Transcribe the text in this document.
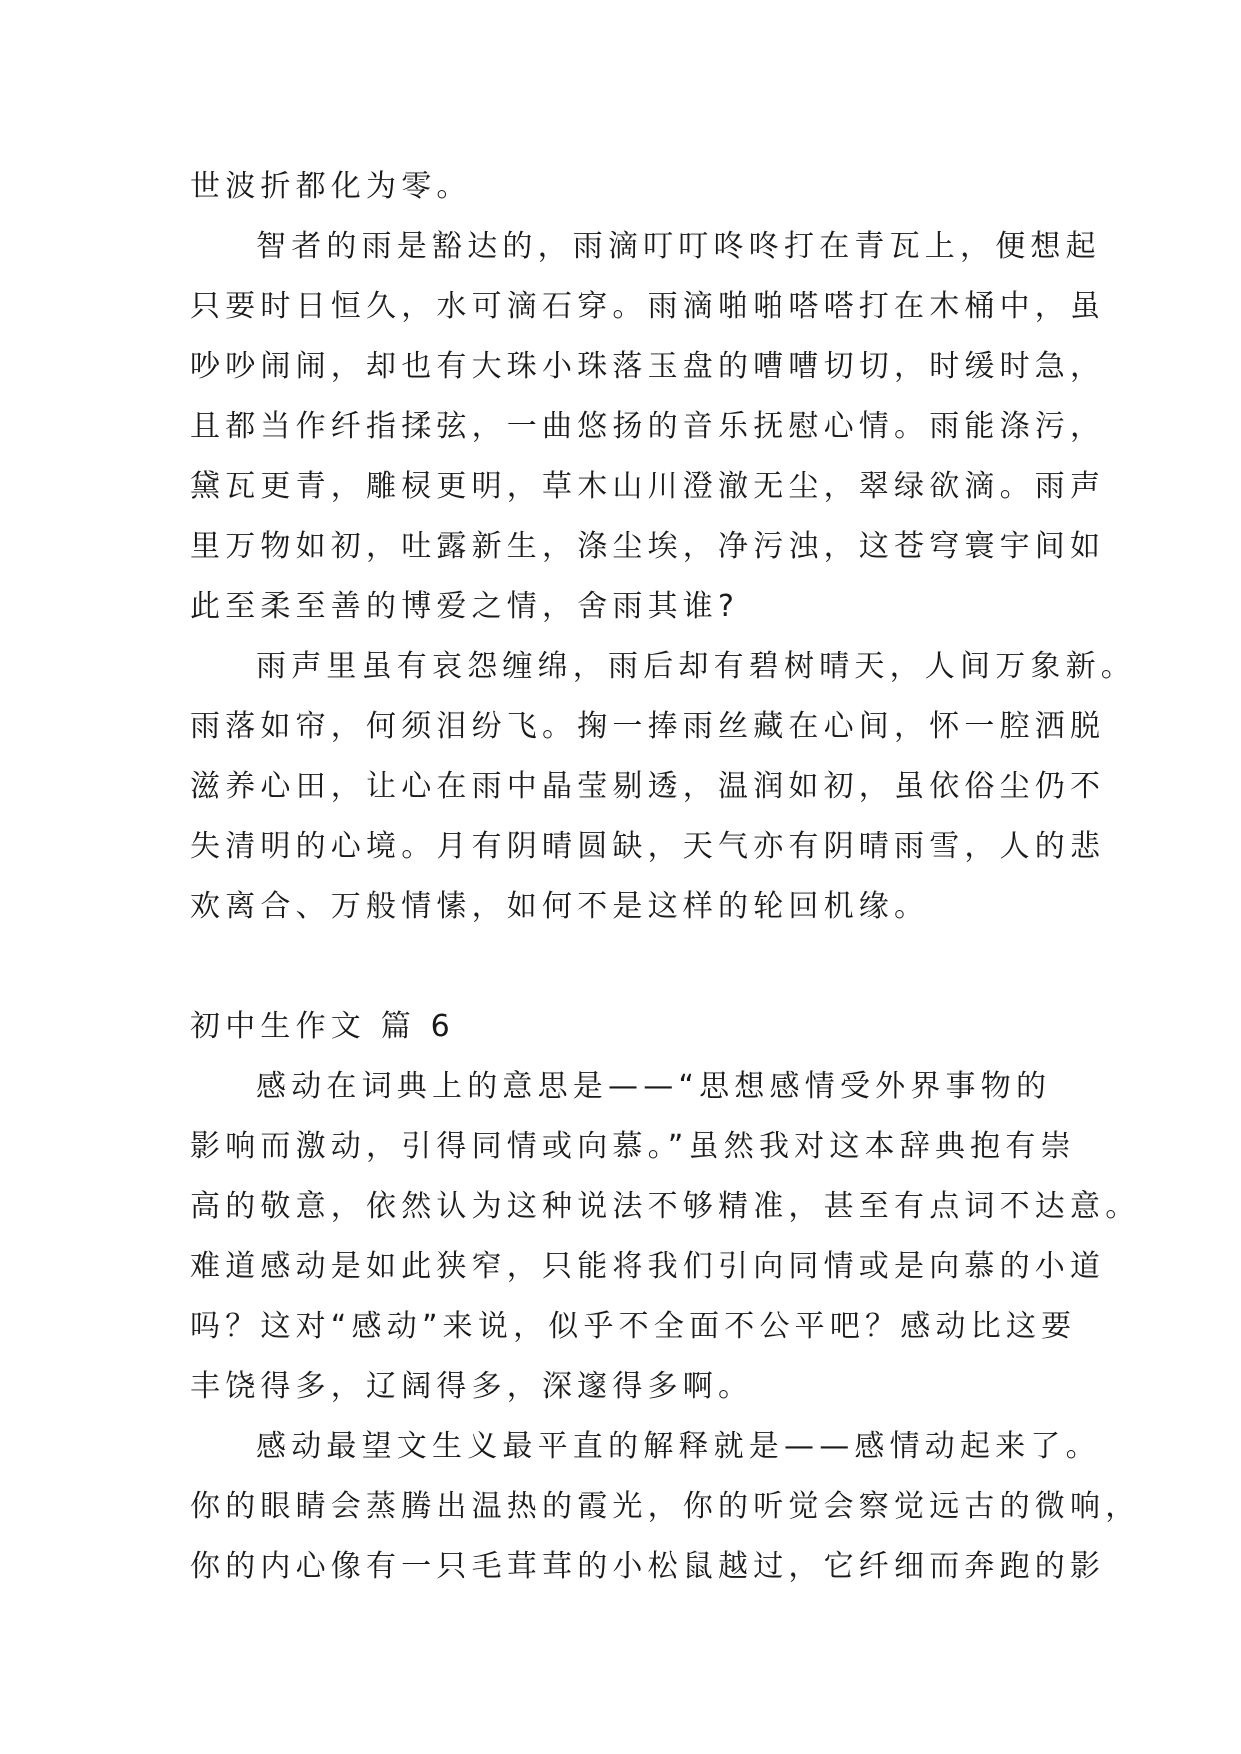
世波折都化为零。
智者的雨是豁达的，雨滴叮叮咚咚打在青瓦上，便想起
只要时日恒久，水可滴石穿。雨滴啪啪嗒嗒打在木桶中，虽
吵吵闹闹，却也有大珠小珠落玉盘的嘈嘈切切，时缓时急，
且都当作纤指揉弦，一曲悠扬的音乐抚慰心情。雨能涤污，
黛瓦更青，雕棂更明，草木山川澄澈无尘，翠绿欲滴。雨声
里万物如初，吐露新生，涤尘埃，净污浊，这苍穹寰宇间如
此至柔至善的博爱之情，舍雨其谁?
雨声里虽有哀怨缠绵，雨后却有碧树晴天，人间万象新。
雨落如帘，何须泪纷飞。掬一捧雨丝藏在心间，怀一腔洒脱
滋养心田，让心在雨中晶莹剔透，温润如初，虽依俗尘仍不
失清明的心境。月有阴晴圆缺，天气亦有阴晴雨雪，人的悲
欢离合、万般情愫，如何不是这样的轮回机缘。
初中生作文 篇 6
感动在词典上的意思是——“思想感情受外界事物的
影响而激动，引得同情或向慕。”虽然我对这本辞典抱有崇
高的敬意，依然认为这种说法不够精准，甚至有点词不达意。
难道感动是如此狭窄，只能将我们引向同情或是向慕的小道
吗？这对“感动”来说，似乎不全面不公平吧？感动比这要
丰饶得多，辽阔得多，深邃得多啊。
感动最望文生义最平直的解释就是——感情动起来了。
你的眼睛会蒸腾出温热的霞光，你的听觉会察觉远古的微响，
你的内心像有一只毛茸茸的小松鼠越过，它纤细而奔跑的影
